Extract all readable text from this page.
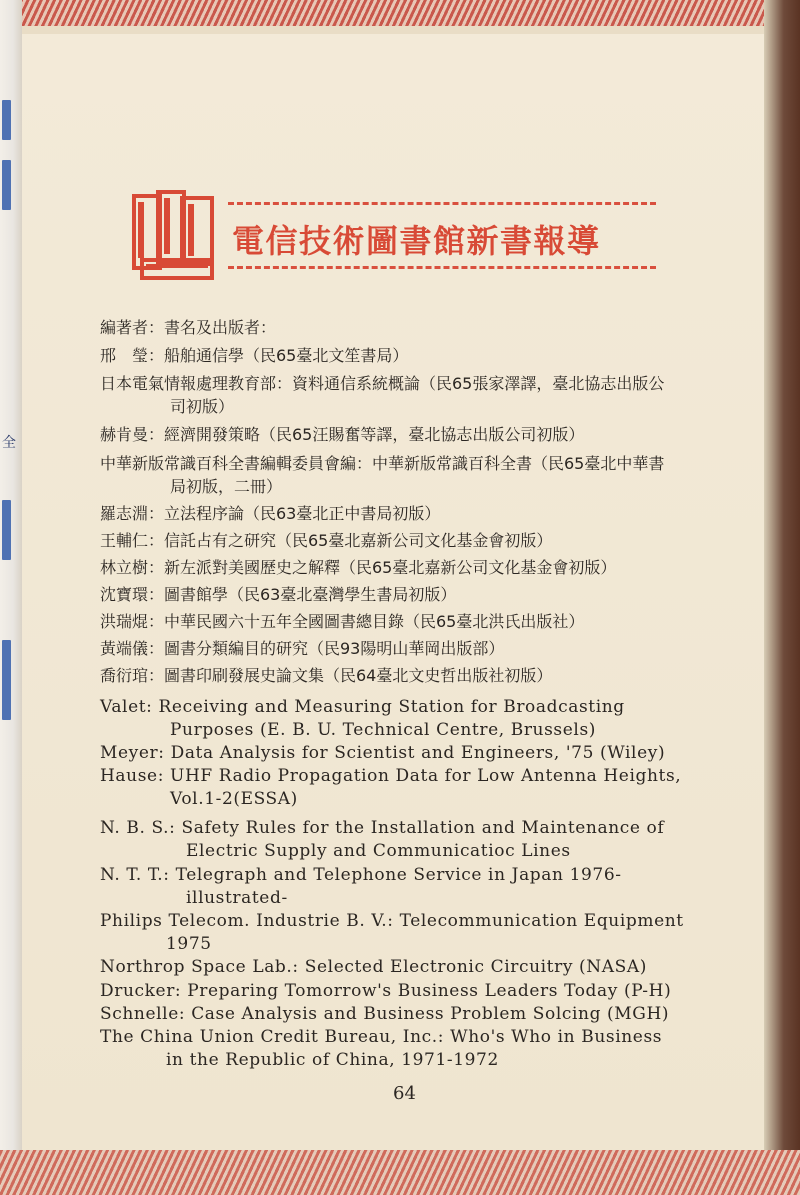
全
電信技術圖書館新書報導
編著者：書名及出版者：
邢　瑩：船舶通信學（民65臺北文笙書局）
日本電氣情報處理教育部：資料通信系統概論（民65張家澤譯，臺北協志出版公
司初版）
赫肯曼：經濟開發策略（民65汪賜奮等譯，臺北協志出版公司初版）
中華新版常識百科全書編輯委員會編：中華新版常識百科全書（民65臺北中華書
局初版，二冊）
羅志淵：立法程序論（民63臺北正中書局初版）
王輔仁：信託占有之研究（民65臺北嘉新公司文化基金會初版）
林立樹：新左派對美國歷史之解釋（民65臺北嘉新公司文化基金會初版）
沈寶環：圖書館學（民63臺北臺灣學生書局初版）
洪瑞焜：中華民國六十五年全國圖書總目錄（民65臺北洪氏出版社）
黃端儀：圖書分類編目的研究（民93陽明山華岡出版部）
喬衍琯：圖書印刷發展史論文集（民64臺北文史哲出版社初版）
Valet: Receiving and Measuring Station for Broadcasting
Purposes (E. B. U. Technical Centre, Brussels)
Meyer: Data Analysis for Scientist and Engineers, '75 (Wiley)
Hause: UHF Radio Propagation Data for Low Antenna Heights,
Vol.1-2(ESSA)
N. B. S.: Safety Rules for the Installation and Maintenance of
Electric Supply and Communicatioc Lines
N. T. T.: Telegraph and Telephone Service in Japan 1976-
illustrated-
Philips Telecom. Industrie B. V.: Telecommunication Equipment
1975
Northrop Space Lab.: Selected Electronic Circuitry (NASA)
Drucker: Preparing Tomorrow's Business Leaders Today (P-H)
Schnelle: Case Analysis and Business Problem Solcing (MGH)
The China Union Credit Bureau, Inc.: Who's Who in Business
in the Republic of China, 1971-1972
64
